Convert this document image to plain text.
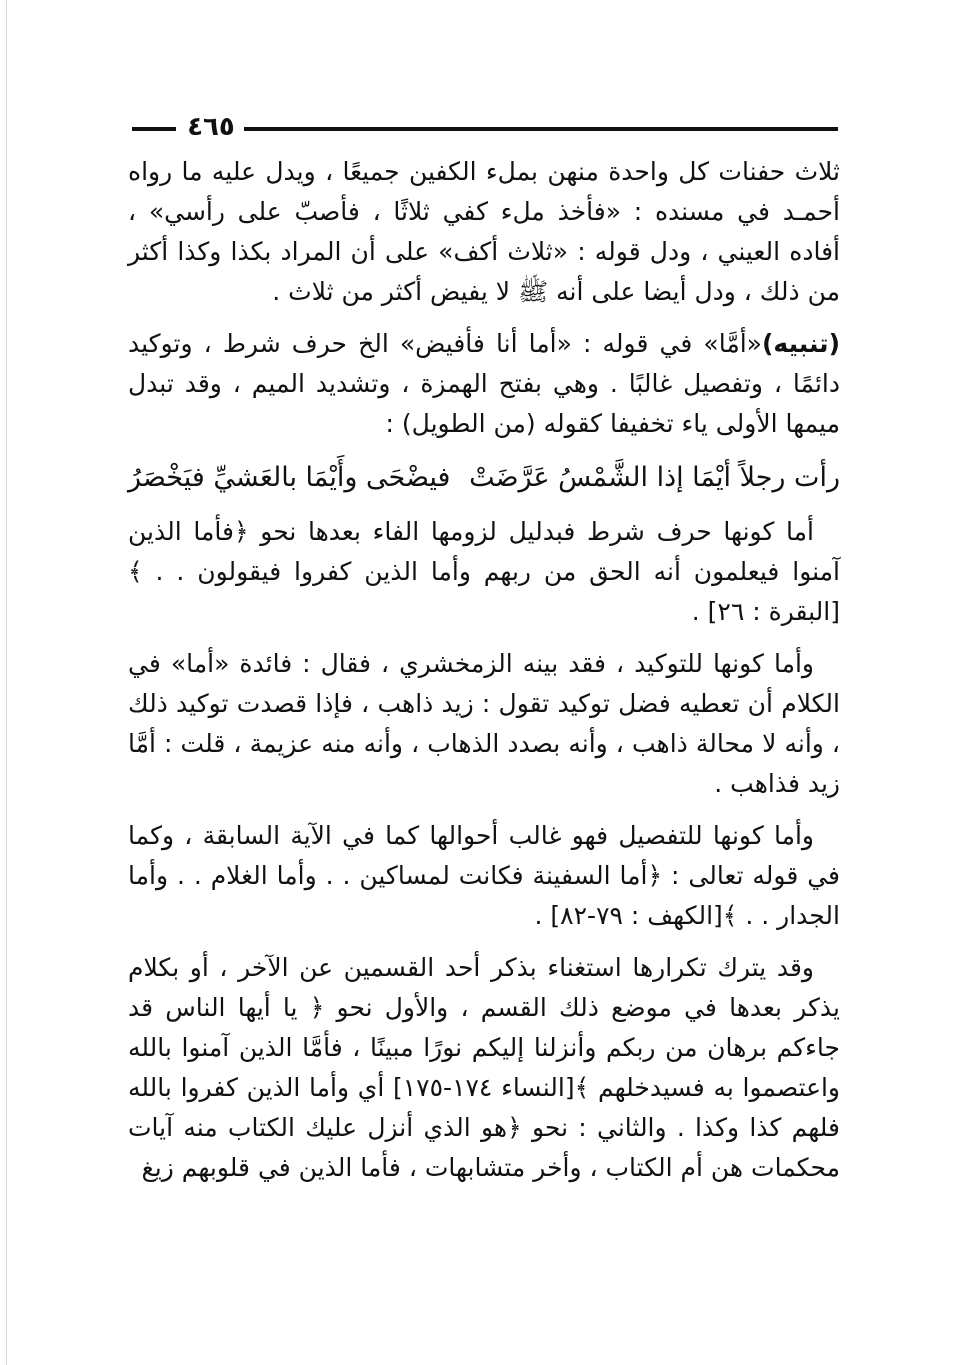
٤٦٥

ثلاث حفنات كل واحدة منهن بملء الكفين جميعًا ، ويدل عليه ما رواه أحمـد في مسنده : «فأخذ ملء كفي ثلاثًا ، فأصبّ على رأسي» ، أفاده العيني ، ودل قوله : «ثلاث أكف» على أن المراد بكذا وكذا أكثر من ذلك ، ودل أيضا على أنه ﷺ لا يفيض أكثر من ثلاث .

(تنبيه)«أمَّا» في قوله : «أما أنا فأفيض» الخ حرف شرط ، وتوكيد دائمًا ، وتفصيل غالبًا . وهي بفتح الهمزة ، وتشديد الميم ، وقد تبدل ميمها الأولى ياء تخفيفا كقوله (من الطويل) :

رأت رجلاً أيْمَا إذا الشَّمْسُ عَرَّضَتْ
فيضْحَى وأَيْمَا بالعَشيِّ فيَخْصَرُ

أما كونها حرف شرط فبدليل لزومها الفاء بعدها نحو ﴿فأما الذين آمنوا فيعلمون أنه الحق من ربهم وأما الذين كفروا فيقولون . . ﴾[البقرة : ٢٦] .

وأما كونها للتوكيد ، فقد بينه الزمخشري ، فقال : فائدة «أما» في الكلام أن تعطيه فضل توكيد تقول : زيد ذاهب ، فإذا قصدت توكيد ذلك ، وأنه لا محالة ذاهب ، وأنه بصدد الذهاب ، وأنه منه عزيمة ، قلت : أمَّا زيد فذاهب .

وأما كونها للتفصيل فهو غالب أحوالها كما في الآية السابقة ، وكما في قوله تعالى : ﴿أما السفينة فكانت لمساكين . . وأما الغلام . . وأما الجدار . . ﴾[الكهف : ٧٩-٨٢] .

وقد يترك تكرارها استغناء بذكر أحد القسمين عن الآخر ، أو بكلام يذكر بعدها في موضع ذلك القسم ، والأول نحو ﴿ يا أيها الناس قد جاءكم برهان من ربكم وأنزلنا إليكم نورًا مبينًا ، فأمَّا الذين آمنوا بالله واعتصموا به فسيدخلهم ﴾[النساء ١٧٤-١٧٥] أي وأما الذين كفروا بالله فلهم كذا وكذا . والثاني : نحو ﴿هو الذي أنزل عليك الكتاب منه آيات محكمات هن أم الكتاب ، وأخر متشابهات ، فأما الذين في قلوبهم زيغ
